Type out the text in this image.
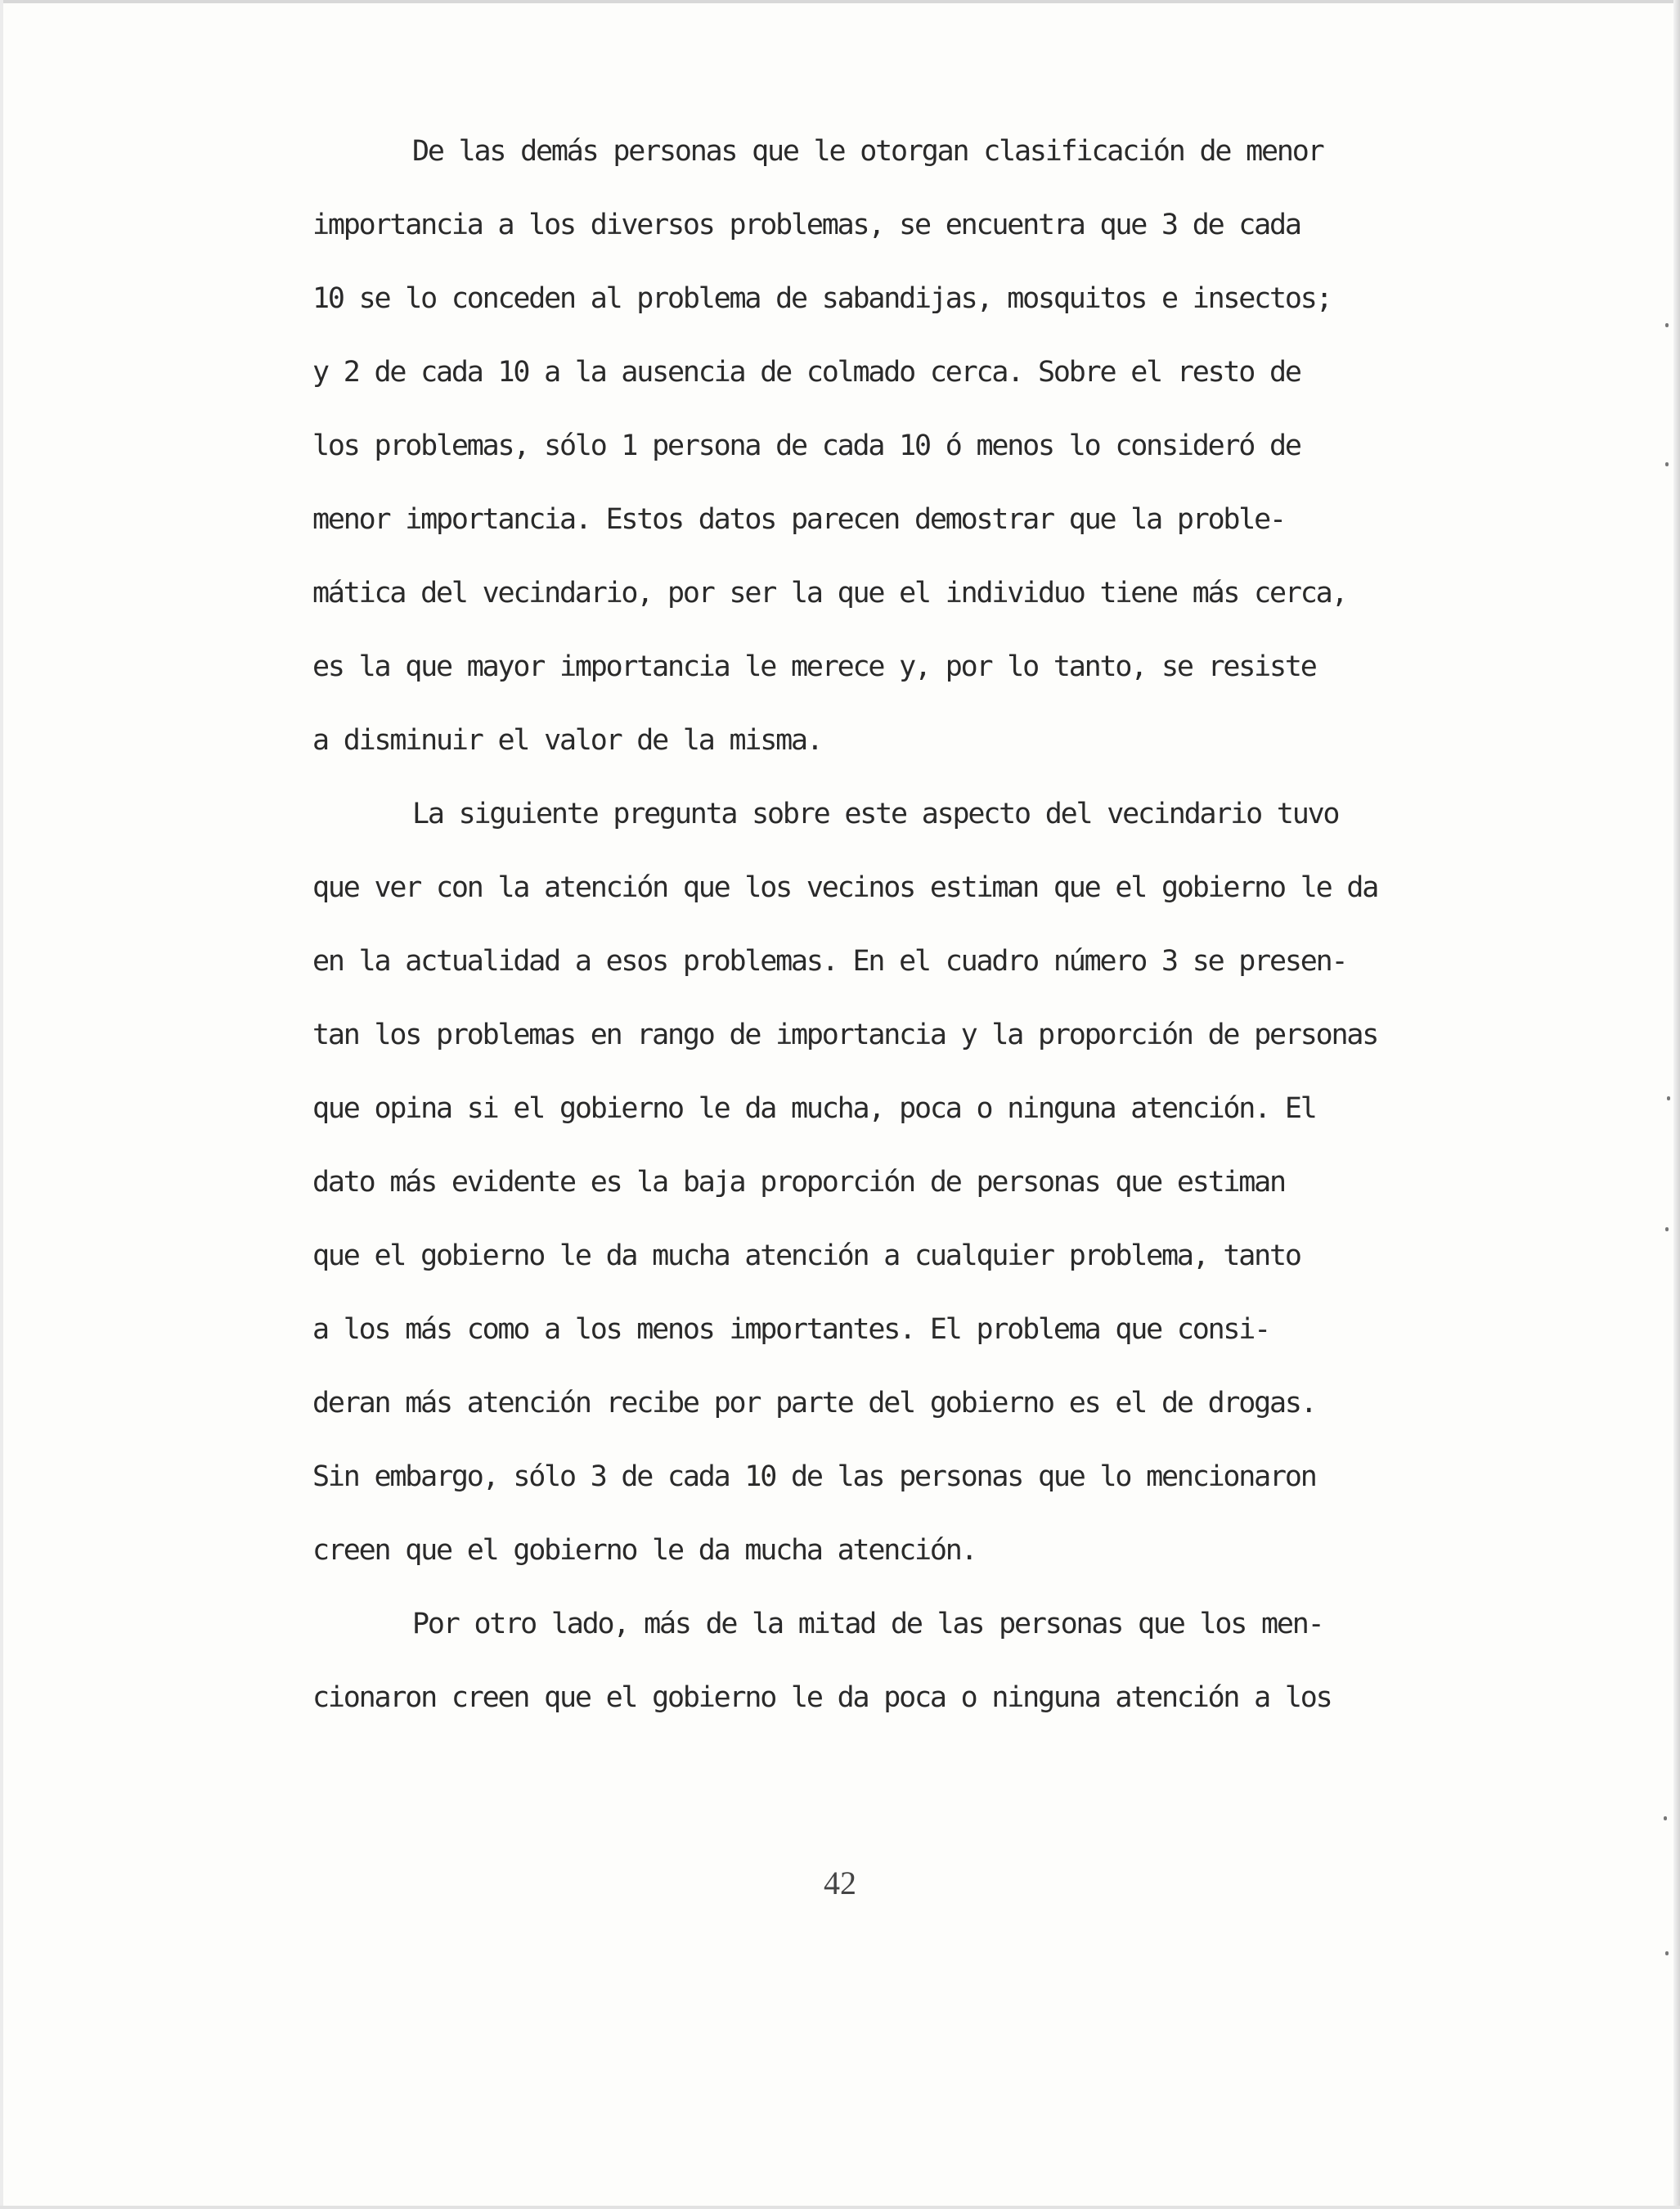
De las demás personas que le otorgan clasificación de menor
importancia a los diversos problemas, se encuentra que 3 de cada
10 se lo conceden al problema de sabandijas, mosquitos e insectos;
y 2 de cada 10 a la ausencia de colmado cerca. Sobre el resto de
los problemas, sólo 1 persona de cada 10 ó menos lo consideró de
menor importancia. Estos datos parecen demostrar que la proble-
mática del vecindario, por ser la que el individuo tiene más cerca,
es la que mayor importancia le merece y, por lo tanto, se resiste
a disminuir el valor de la misma.
La siguiente pregunta sobre este aspecto del vecindario tuvo
que ver con la atención que los vecinos estiman que el gobierno le da
en la actualidad a esos problemas. En el cuadro número 3 se presen-
tan los problemas en rango de importancia y la proporción de personas
que opina si el gobierno le da mucha, poca o ninguna atención. El
dato más evidente es la baja proporción de personas que estiman
que el gobierno le da mucha atención a cualquier problema, tanto
a los más como a los menos importantes. El problema que consi-
deran más atención recibe por parte del gobierno es el de drogas.
Sin embargo, sólo 3 de cada 10 de las personas que lo mencionaron
creen que el gobierno le da mucha atención.
Por otro lado, más de la mitad de las personas que los men-
cionaron creen que el gobierno le da poca o ninguna atención a los
42
